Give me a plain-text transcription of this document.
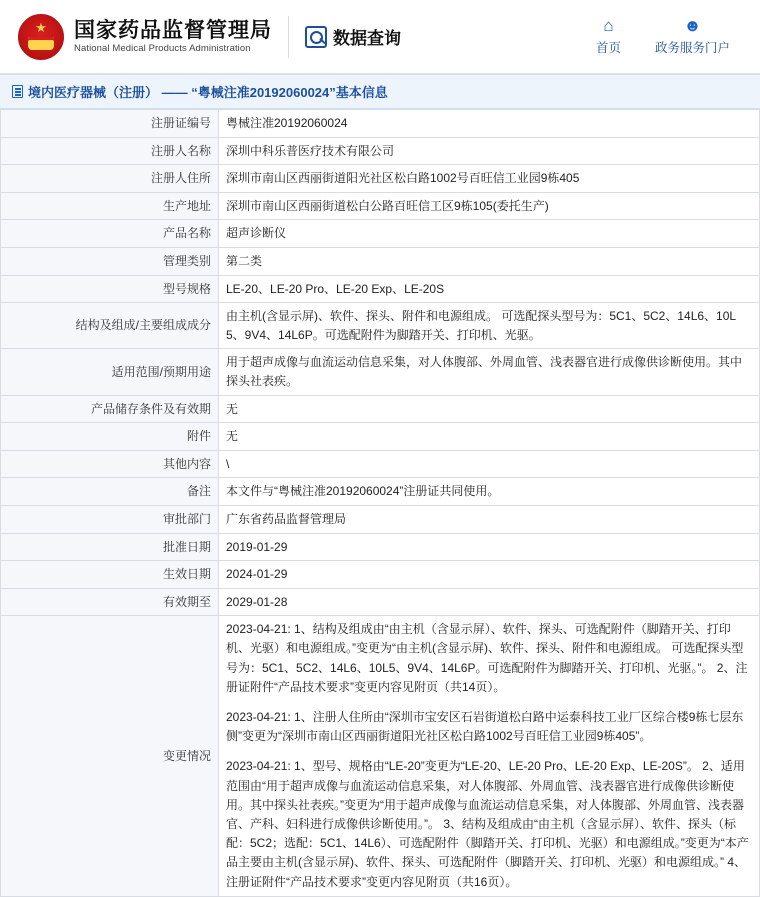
★
国家药品监督管理局
National Medical Products Administration
数据查询
⌂
首页
☻
政务服务门户
境内医疗器械（注册） —— “粤械注准20192060024”基本信息
注册证编号	粤械注准20192060024
注册人名称	深圳中科乐普医疗技术有限公司
注册人住所	深圳市南山区西丽街道阳光社区松白路1002号百旺信工业园9栋405
生产地址	深圳市南山区西丽街道松白公路百旺信工区9栋105(委托生产)
产品名称	超声诊断仪
管理类别	第二类
型号规格	LE-20、LE-20 Pro、LE-20 Exp、LE-20S
结构及组成/主要组成成分	由主机(含显示屏)、软件、探头、附件和电源组成。 可选配探头型号为：5C1、5C2、14L6、10L5、9V4、14L6P。可选配附件为脚踏开关、打印机、光驱。
适用范围/预期用途	用于超声成像与血流运动信息采集，对人体腹部、外周血管、浅表器官进行成像供诊断使用。其中探头社表疾。
产品储存条件及有效期	无
附件	无
其他内容	\
备注	本文件与“粤械注准20192060024”注册证共同使用。
审批部门	广东省药品监督管理局
批准日期	2019-01-29
生效日期	2024-01-29
有效期至	2029-01-28
变更情况	2023-04-21: 1、结构及组成由“由主机（含显示屏）、软件、探头、可选配附件（脚踏开关、打印机、光驱）和电源组成。”变更为“由主机(含显示屏)、软件、探头、附件和电源组成。 可选配探头型号为：5C1、5C2、14L6、10L5、9V4、14L6P。可选配附件为脚踏开关、打印机、光驱。”。 2、注册证附件“产品技术要求”变更内容见附页（共14页）。

2023-04-21: 1、注册人住所由“深圳市宝安区石岩街道松白路中运泰科技工业厂区综合楼9栋七层东侧”变更为“深圳市南山区西丽街道阳光社区松白路1002号百旺信工业园9栋405”。

2023-04-21: 1、型号、规格由“LE-20”变更为“LE-20、LE-20 Pro、LE-20 Exp、LE-20S”。 2、适用范围由“用于超声成像与血流运动信息采集，对人体腹部、外周血管、浅表器官进行成像供诊断使用。其中探头社表疾。”变更为“用于超声成像与血流运动信息采集，对人体腹部、外周血管、浅表器官、产科、妇科进行成像供诊断使用。”。 3、结构及组成由“由主机（含显示屏）、软件、探头（标配：5C2；选配：5C1、14L6）、可选配附件（脚踏开关、打印机、光驱）和电源组成。”变更为“本产品主要由主机(含显示屏)、软件、探头、可选配附件（脚踏开关、打印机、光驱）和电源组成。” 4、注册证附件“产品技术要求”变更内容见附页（共16页）。
